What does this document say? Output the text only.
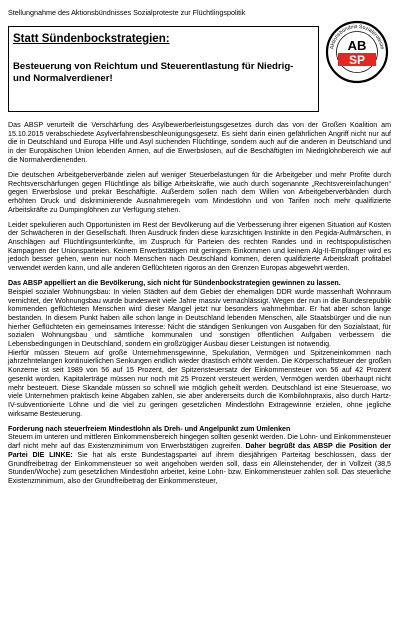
Stellungnahme des Aktionsbündnisses Sozialproteste zur Flüchtlingspolitik
Statt Sündenbockstrategien:
Besteuerung von Reichtum und Steuerentlastung für Niedrig- und Normalverdiener!
Aktionsbündnis Sozialproteste
AB
SP

Das ABSP verurteilt die Verschärfung des Asylbewerberleistungsgesetzes durch das von der Großen Koalition am 15.10.2015 verabschiedete Asylverfahrensbeschleunigungsgesetz. Es sieht darin einen gefährlichen Angriff nicht nur auf die in Deutschland und Europa Hilfe und Asyl suchenden Flüchtlinge, sondern auch auf die anderen in Deutschland und in der Europäischen Union lebenden Armen, auf die Erwerbslosen, auf die Beschäftigten im Niedriglohnbereich wie auf die Normalverdienenden.

Die deutschen Arbeitgeberverbände zielen auf weniger Steuerbelastungen für die Arbeitgeber und mehr Profite durch Rechtsverschärfungen gegen Flüchtlinge als billige Arbeitskräfte, wie auch durch sogenannte „Rechtsvereinfachungen“ gegen Erwerbslose und prekär Beschäftigte. Außerdem sollen nach dem Willen von Arbeitgeberverbänden durch erhöhten Druck und diskriminierende Ausnahmeregeln vom Mindestlohn und von Tarifen noch mehr qualifizierte Arbeitskräfte zu Dumpinglöhnen zur Verfügung stehen.

Leider spekulieren auch Opportunisten im Rest der Bevölkerung auf die Verbesserung ihrer eigenen Situation auf Kosten der Schwächeren in der Gesellschaft. Ihren Ausdruck finden diese kurzsichtigen Instinkte in den Pegida-Aufmärschen, in Anschlägen auf Flüchtlingsunterkünfte, im Zuspruch für Parteien des rechten Randes und in rechtspopulistischen Kampagnen der Unionsparteien. Keinem Erwerbstätigen mit geringem Einkommen und keinem Alg-II-Empfänger wird es jedoch besser gehen, wenn nur noch Menschen nach Deutschland kommen, deren qualifizierte Arbeitskraft profitabel verwendet werden kann, und alle anderen Geflüchteten rigoros an den Grenzen Europas abgewehrt werden.

Das ABSP appelliert an die Bevölkerung, sich nicht für Sündenbockstrategien gewinnen zu lassen.

Beispiel sozialer Wohnungsbau: In vielen Städten auf dem Gebiet der ehemaligen DDR wurde massenhaft Wohnraum vernichtet, der Wohnungsbau wurde bundesweit viele Jahre massiv vernachlässigt. Wegen der nun in die Bundesrepublik kommenden geflüchteten Menschen wird dieser Mangel jetzt nur besonders wahrnehmbar. Er hat aber schon lange bestanden. In diesem Punkt haben alle schon lange in Deutschland lebenden Menschen, alle Staatsbürger und die nun hierher Geflüchteten ein gemeinsames Interesse: Nicht die ständigen Senkungen von Ausgaben für den Sozialstaat, für sozialen Wohnungsbau und sämtliche kommunalen und sonstigen öffentlichen Aufgaben verbessern die Lebensbedingungen in Deutschland, sondern ein großzügiger Ausbau dieser Leistungen ist notwendig.

Hierfür müssen Steuern auf große Unternehmensgewinne, Spekulation, Vermögen und Spitzeneinkommen nach jahrzehntelangen kontinuierlichen Senkungen endlich wieder drastisch erhöht werden. Die Körperschaftsteuer der großen Konzerne ist seit 1989 von 56 auf 15 Prozent, der Spitzensteuersatz der Einkommensteuer von 56 auf 42 Prozent gesenkt worden. Kapitalerträge müssen nur noch mit 25 Prozent versteuert werden, Vermögen werden überhaupt nicht mehr besteuert. Diese Skandale müssen so schnell wie möglich geheilt werden. Deutschland ist eine Steueroase, wo viele Unternehmen praktisch keine Abgaben zahlen, sie aber andererseits durch die Kombilohnpraxis, also durch Hartz-IV-subventionierte Löhne und die viel zu geringen gesetzlichen Mindestlohn Extragewinne erzielen, ohne jegliche wirksame Besteuerung.

Forderung nach steuerfreiem Mindestlohn als Dreh- und Angelpunkt zum Umlenken

Steuern im unteren und mittleren Einkommensbereich hingegen sollten gesenkt werden. Die Lohn- und Einkommensteuer darf nicht mehr auf das Existenzminimum von Erwerbstätigen zugreifen. Daher begrüßt das ABSP die Position der Partei DIE LINKE: Sie hat als erste Bundestagspartei auf ihrem diesjährigen Parteitag beschlossen, dass der Grundfreibetrag der Einkommensteuer so weit angehoben werden soll, dass ein Alleinstehender, der in Vollzeit (38,5 Stunden/Woche) zum gesetzlichen Mindestlohn arbeitet, keine Lohn- bzw. Einkommensteuer zahlen soll. Das steuerliche Existenzminimum, also der Grundfreibetrag der Einkommensteuer,
